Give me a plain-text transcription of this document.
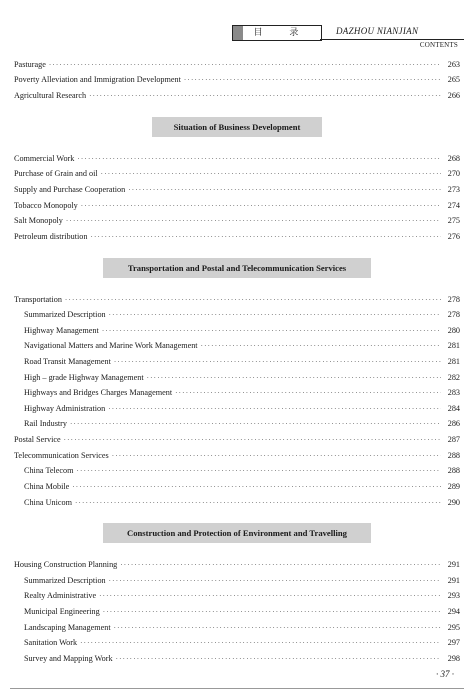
目 录	DAZHOU NIANJIAN
CONTENTS
Pasturage ·····	263
Poverty Alleviation and Immigration Development ·····	265
Agricultural Research ·····	266
Situation of Business Development
Commercial Work ·····	268
Purchase of Grain and oil ·····	270
Supply and Purchase Cooperation ·····	273
Tobacco Monopoly ·····	274
Salt Monopoly ·····	275
Petroleum distribution ·····	276
Transportation and Postal and Telecommunication Services
Transportation ·····	278
Summarized Description ·····	278
Highway Management ·····	280
Navigational Matters and Marine Work Management ·····	281
Road Transit Management ·····	281
High – grade Highway Management ·····	282
Highways and Bridges Charges Management ·····	283
Highway Administration ·····	284
Rail Industry ·····	286
Postal Service ·····	287
Telecommunication Services ·····	288
China Telecom ·····	288
China Mobile ·····	289
China Unicom ·····	290
Construction and Protection of Environment and Travelling
Housing Construction Planning ·····	291
Summarized Description ·····	291
Realty Administrative ·····	293
Municipal Engineering ·····	294
Landscaping Management ·····	295
Sanitation Work ·····	297
Survey and Mapping Work ·····	298
· 37 ·
